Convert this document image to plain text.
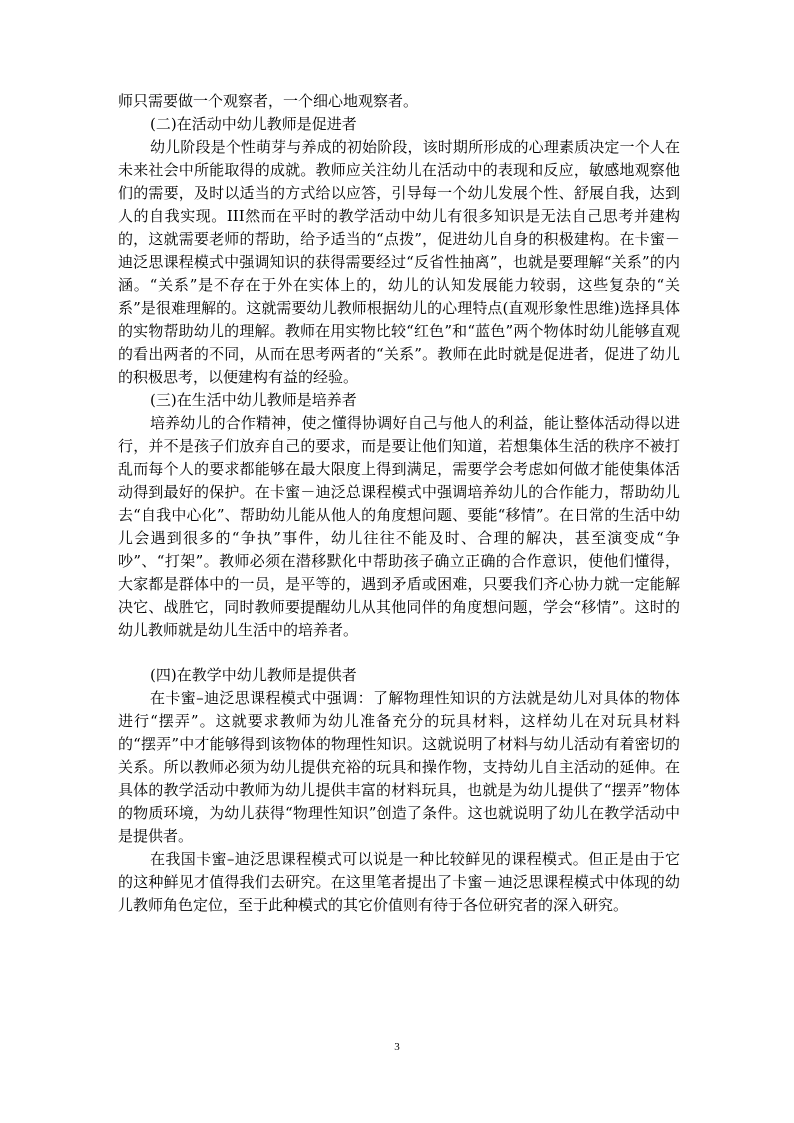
师只需要做一个观察者，一个细心地观察者。

(二)在活动中幼儿教师是促进者

幼儿阶段是个性萌芽与养成的初始阶段，该时期所形成的心理素质决定一个人在未来社会中所能取得的成就。教师应关注幼儿在活动中的表现和反应，敏感地观察他们的需要，及时以适当的方式给以应答，引导每一个幼儿发展个性、舒展自我，达到人的自我实现。III然而在平时的教学活动中幼儿有很多知识是无法自己思考并建构的，这就需要老师的帮助，给予适当的“点拨”，促进幼儿自身的积极建构。在卡蜜－迪泛思课程模式中强调知识的获得需要经过“反省性抽离”，也就是要理解“关系”的内涵。“关系”是不存在于外在实体上的，幼儿的认知发展能力较弱，这些复杂的“关系”是很难理解的。这就需要幼儿教师根据幼儿的心理特点(直观形象性思维)选择具体的实物帮助幼儿的理解。教师在用实物比较“红色”和“蓝色”两个物体时幼儿能够直观的看出两者的不同，从而在思考两者的“关系”。教师在此时就是促进者，促进了幼儿的积极思考，以便建构有益的经验。

(三)在生活中幼儿教师是培养者

培养幼儿的合作精神，使之懂得协调好自己与他人的利益，能让整体活动得以进行，并不是孩子们放弃自己的要求，而是要让他们知道，若想集体生活的秩序不被打乱而每个人的要求都能够在最大限度上得到满足，需要学会考虑如何做才能使集体活动得到最好的保护。在卡蜜－迪泛总课程模式中强调培养幼儿的合作能力，帮助幼儿去“自我中心化”、帮助幼儿能从他人的角度想问题、要能“移情”。在日常的生活中幼儿会遇到很多的“争执”事件，幼儿往往不能及时、合理的解决，甚至演变成“争吵”、“打架”。教师必须在潜移默化中帮助孩子确立正确的合作意识，使他们懂得，大家都是群体中的一员，是平等的，遇到矛盾或困难，只要我们齐心协力就一定能解决它、战胜它，同时教师要提醒幼儿从其他同伴的角度想问题，学会“移情”。这时的幼儿教师就是幼儿生活中的培养者。

(四)在教学中幼儿教师是提供者

在卡蜜–迪泛思课程模式中强调：了解物理性知识的方法就是幼儿对具体的物体进行“摆弄”。这就要求教师为幼儿准备充分的玩具材料，这样幼儿在对玩具材料的“摆弄”中才能够得到该物体的物理性知识。这就说明了材料与幼儿活动有着密切的关系。所以教师必须为幼儿提供充裕的玩具和操作物，支持幼儿自主活动的延伸。在具体的教学活动中教师为幼儿提供丰富的材料玩具，也就是为幼儿提供了“摆弄”物体的物质环境，为幼儿获得“物理性知识”创造了条件。这也就说明了幼儿在教学活动中是提供者。

在我国卡蜜–迪泛思课程模式可以说是一种比较鲜见的课程模式。但正是由于它的这种鲜见才值得我们去研究。在这里笔者提出了卡蜜－迪泛思课程模式中体现的幼儿教师角色定位，至于此种模式的其它价值则有待于各位研究者的深入研究。

3
